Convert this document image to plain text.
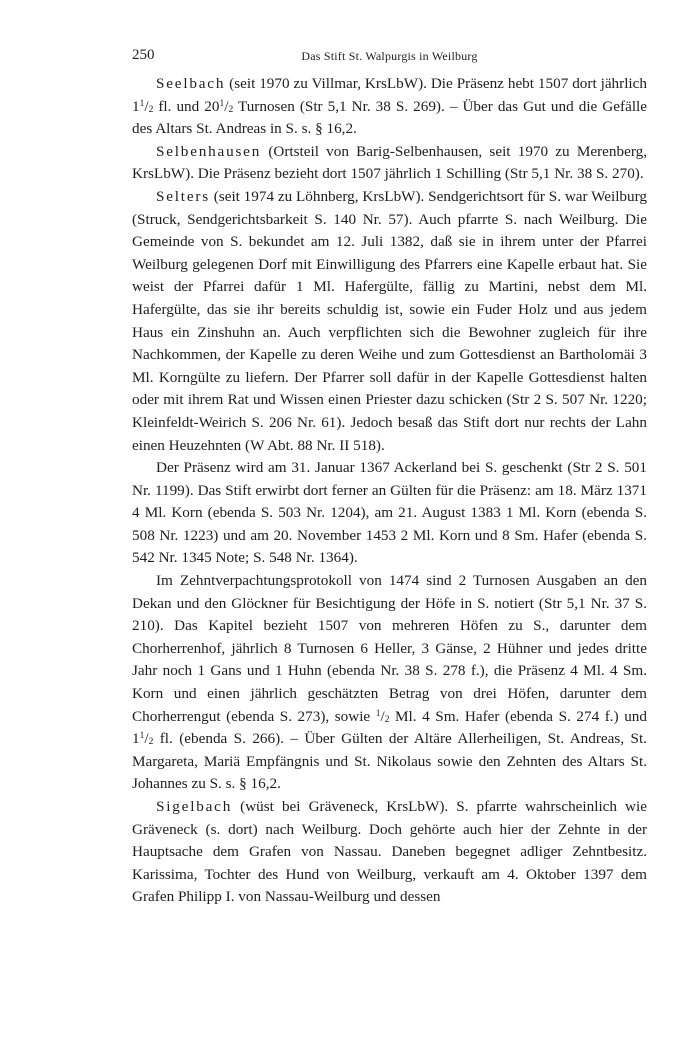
250	Das Stift St. Walpurgis in Weilburg

Seelbach (seit 1970 zu Villmar, KrsLbW). Die Präsenz hebt 1507 dort jährlich $1^1/_2$ fl. und $20^1/_2$ Turnosen (Str 5,1 Nr. 38 S. 269). – Über das Gut und die Gefälle des Altars St. Andreas in S. s. § 16,2.

Selbenhausen (Ortsteil von Barig-Selbenhausen, seit 1970 zu Merenberg, KrsLbW). Die Präsenz bezieht dort 1507 jährlich 1 Schilling (Str 5,1 Nr. 38 S. 270).

Selters (seit 1974 zu Löhnberg, KrsLbW). Sendgerichtsort für S. war Weilburg (Struck, Sendgerichtsbarkeit S. 140 Nr. 57). Auch pfarrte S. nach Weilburg. Die Gemeinde von S. bekundet am 12. Juli 1382, daß sie in ihrem unter der Pfarrei Weilburg gelegenen Dorf mit Einwilligung des Pfarrers eine Kapelle erbaut hat. Sie weist der Pfarrei dafür 1 Ml. Hafergülte, fällig zu Martini, nebst dem Ml. Hafergülte, das sie ihr bereits schuldig ist, sowie ein Fuder Holz und aus jedem Haus ein Zinshuhn an. Auch verpflichten sich die Bewohner zugleich für ihre Nachkommen, der Kapelle zu deren Weihe und zum Gottesdienst an Bartholomäi 3 Ml. Korngülte zu liefern. Der Pfarrer soll dafür in der Kapelle Gottesdienst halten oder mit ihrem Rat und Wissen einen Priester dazu schicken (Str 2 S. 507 Nr. 1220; Kleinfeldt-Weirich S. 206 Nr. 61). Jedoch besaß das Stift dort nur rechts der Lahn einen Heuzehnten (W Abt. 88 Nr. II 518).

Der Präsenz wird am 31. Januar 1367 Ackerland bei S. geschenkt (Str 2 S. 501 Nr. 1199). Das Stift erwirbt dort ferner an Gülten für die Präsenz: am 18. März 1371 4 Ml. Korn (ebenda S. 503 Nr. 1204), am 21. August 1383 1 Ml. Korn (ebenda S. 508 Nr. 1223) und am 20. November 1453 2 Ml. Korn und 8 Sm. Hafer (ebenda S. 542 Nr. 1345 Note; S. 548 Nr. 1364).

Im Zehntverpachtungsprotokoll von 1474 sind 2 Turnosen Ausgaben an den Dekan und den Glöckner für Besichtigung der Höfe in S. notiert (Str 5,1 Nr. 37 S. 210). Das Kapitel bezieht 1507 von mehreren Höfen zu S., darunter dem Chorherrenhof, jährlich 8 Turnosen 6 Heller, 3 Gänse, 2 Hühner und jedes dritte Jahr noch 1 Gans und 1 Huhn (ebenda Nr. 38 S. 278 f.), die Präsenz 4 Ml. 4 Sm. Korn und einen jährlich geschätzten Betrag von drei Höfen, darunter dem Chorherrengut (ebenda S. 273), sowie $^1/_2$ Ml. 4 Sm. Hafer (ebenda S. 274 f.) und $1^1/_2$ fl. (ebenda S. 266). – Über Gülten der Altäre Allerheiligen, St. Andreas, St. Margareta, Mariä Empfängnis und St. Nikolaus sowie den Zehnten des Altars St. Johannes zu S. s. § 16,2.

Sigelbach (wüst bei Gräveneck, KrsLbW). S. pfarrte wahrscheinlich wie Gräveneck (s. dort) nach Weilburg. Doch gehörte auch hier der Zehnte in der Hauptsache dem Grafen von Nassau. Daneben begegnet adliger Zehntbesitz. Karissima, Tochter des Hund von Weilburg, verkauft am 4. Oktober 1397 dem Grafen Philipp I. von Nassau-Weilburg und dessen
